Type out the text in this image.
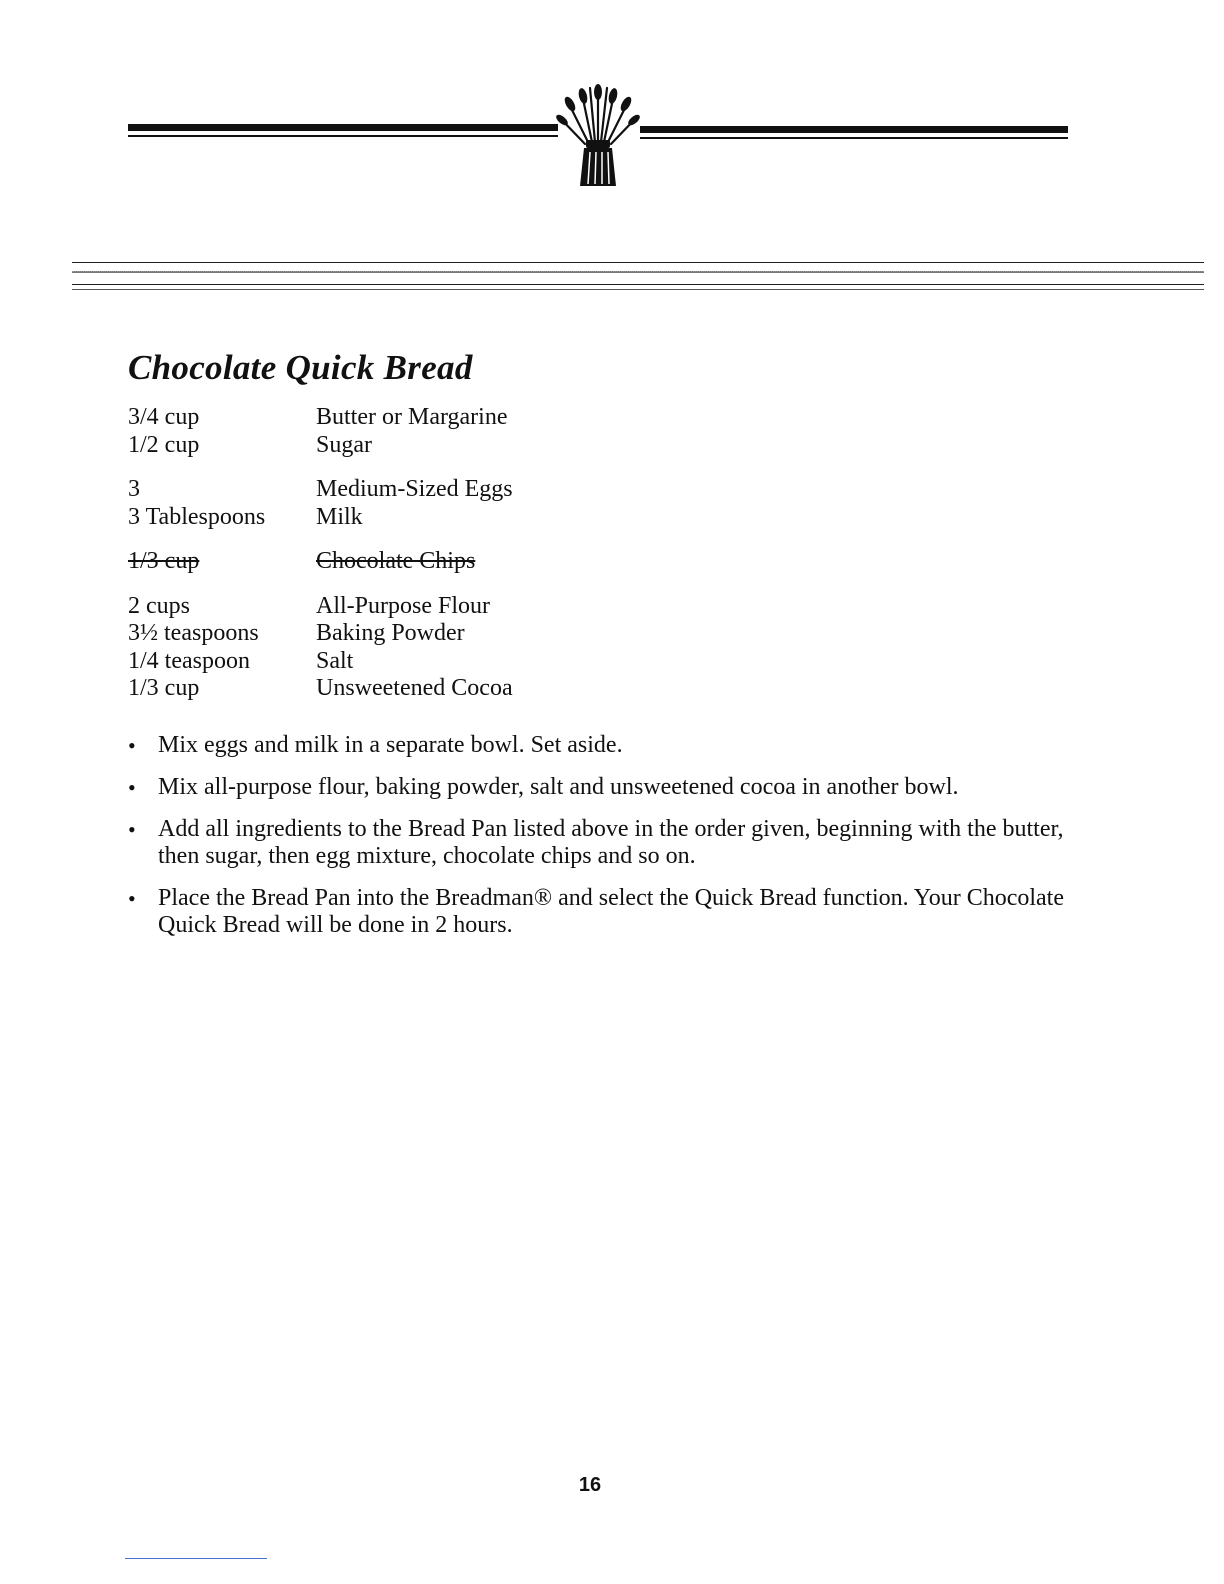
Chocolate Quick Bread
3/4 cup	Butter or Margarine
1/2 cup	Sugar
3	Medium-Sized Eggs
3 Tablespoons	Milk
1/3 cup	Chocolate Chips
2 cups	All-Purpose Flour
3½ teaspoons	Baking Powder
1/4 teaspoon	Salt
1/3 cup	Unsweetened Cocoa
• Mix eggs and milk in a separate bowl. Set aside.
• Mix all-purpose flour, baking powder, salt and unsweetened cocoa in another bowl.
• Add all ingredients to the Bread Pan listed above in the order given, beginning with the butter, then sugar, then egg mixture, chocolate chips and so on.
• Place the Bread Pan into the Breadman® and select the Quick Bread function. Your Chocolate Quick Bread will be done in 2 hours.
16
